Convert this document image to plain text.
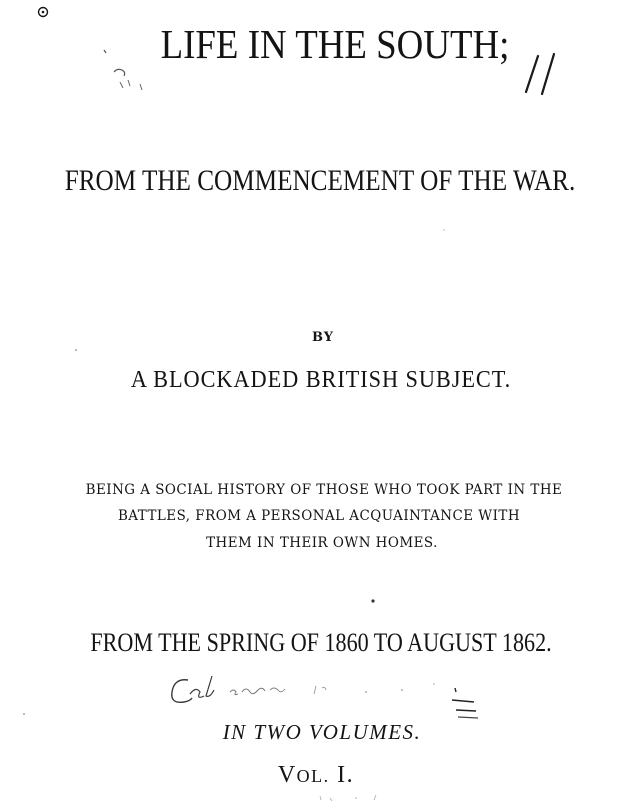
LIFE IN THE SOUTH;
FROM THE COMMENCEMENT OF THE WAR.
BY
A BLOCKADED BRITISH SUBJECT.
BEING A SOCIAL HISTORY OF THOSE WHO TOOK PART IN THE
BATTLES, FROM A PERSONAL ACQUAINTANCE WITH
THEM IN THEIR OWN HOMES.
FROM THE SPRING OF 1860 TO AUGUST 1862.
IN TWO VOLUMES.
VOL. I.
